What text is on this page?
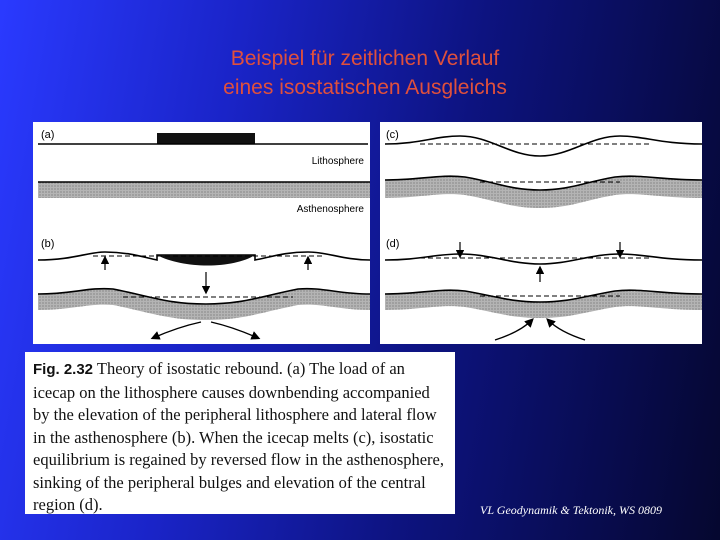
Beispiel für zeitlichen Verlauf
eines isostatischen Ausgleichs
(a)
Lithosphere
Asthenosphere
(b)
(c)
(d)
Fig. 2.32 Theory of isostatic rebound. (a) The load of an icecap on the lithosphere causes downbending accompanied by the elevation of the peripheral lithosphere and lateral flow in the asthenosphere (b). When the icecap melts (c), isostatic equilibrium is regained by reversed flow in the asthenosphere, sinking of the peripheral bulges and elevation of the central region (d).	VL Geodynamik & Tektonik, WS 0809
